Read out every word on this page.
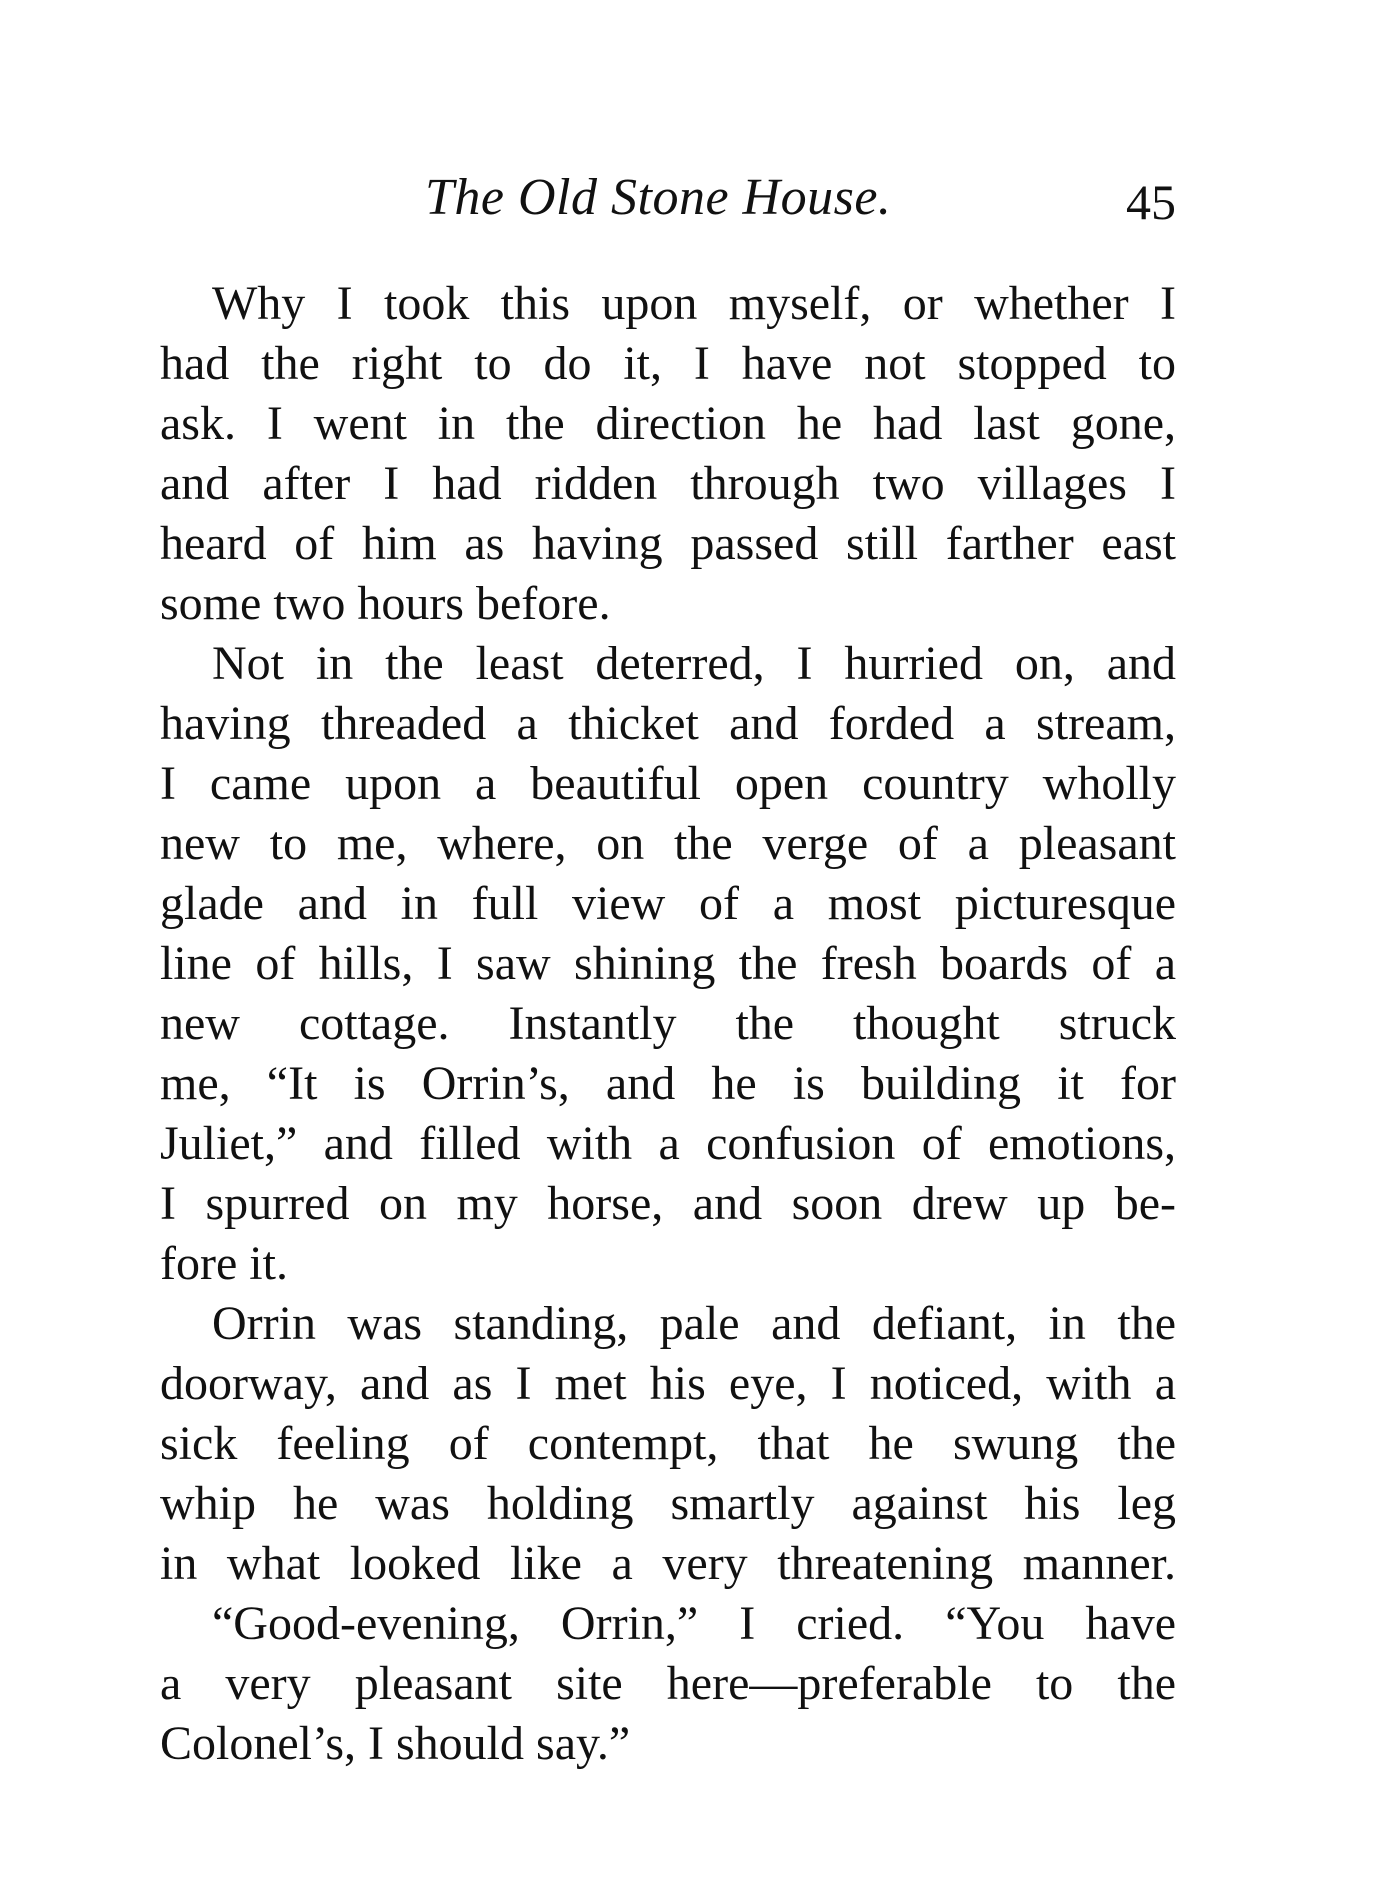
The Old Stone House.	45

Why I took this upon myself, or whether I
had the right to do it, I have not stopped to
ask. I went in the direction he had last gone,
and after I had ridden through two villages I
heard of him as having passed still farther east
some two hours before.

Not in the least deterred, I hurried on, and
having threaded a thicket and forded a stream,
I came upon a beautiful open country wholly
new to me, where, on the verge of a pleasant
glade and in full view of a most picturesque
line of hills, I saw shining the fresh boards of a
new cottage. Instantly the thought struck
me, “It is Orrin’s, and he is building it for
Juliet,” and filled with a confusion of emotions,
I spurred on my horse, and soon drew up be-
fore it.

Orrin was standing, pale and defiant, in the
doorway, and as I met his eye, I noticed, with a
sick feeling of contempt, that he swung the
whip he was holding smartly against his leg
in what looked like a very threatening manner.

“Good-evening, Orrin,” I cried. “You have
a very pleasant site here—preferable to the
Colonel’s, I should say.”
